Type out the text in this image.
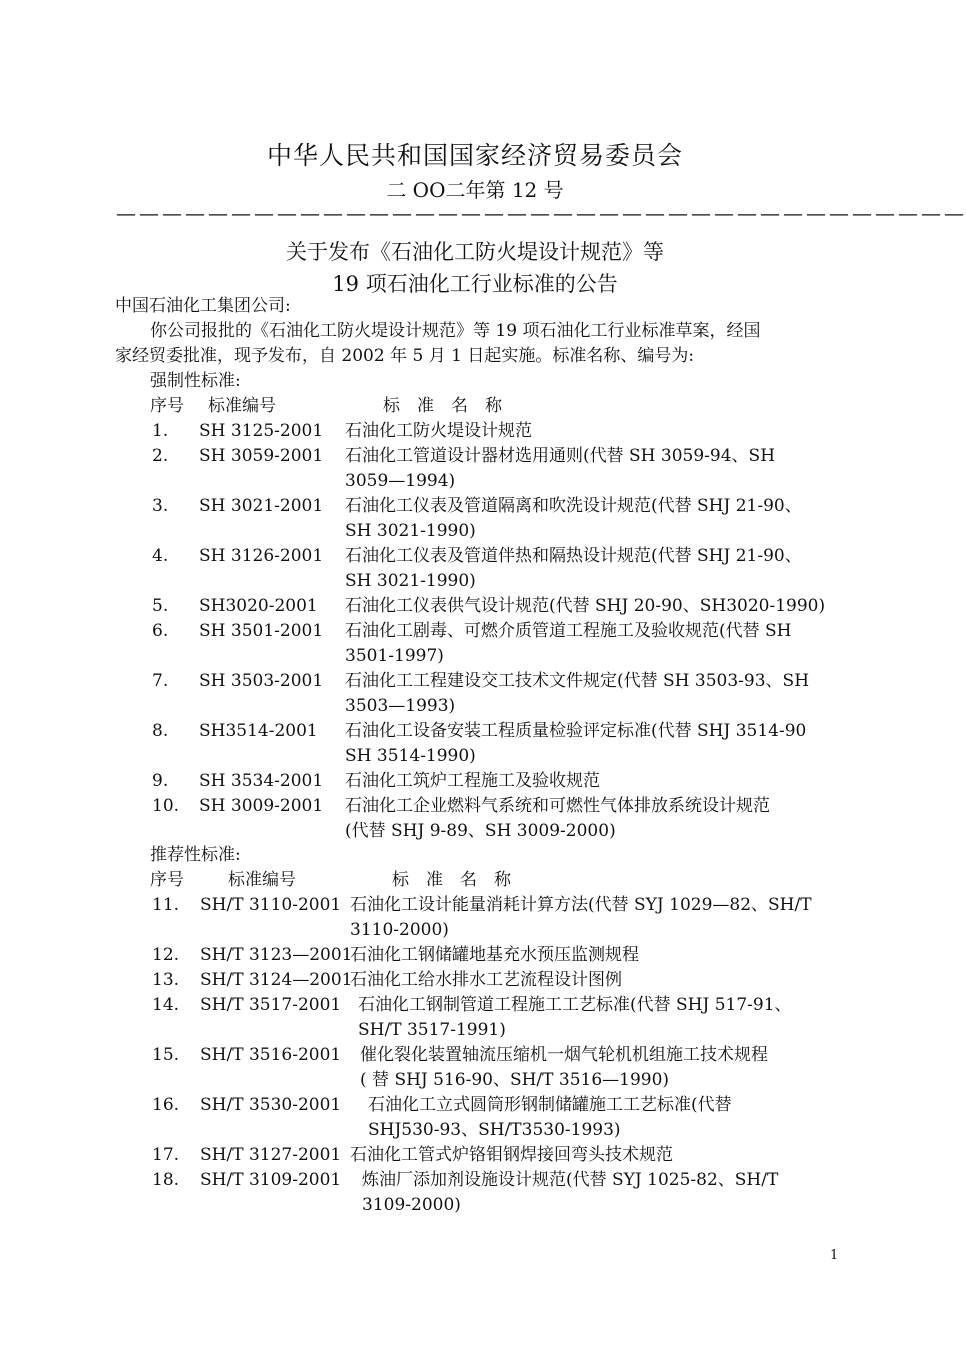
中华人民共和国国家经济贸易委员会
二 OO二年第 12 号
—————————————————————————————————————
关于发布《石油化工防火堤设计规范》等
19 项石油化工行业标准的公告
中国石油化工集团公司:
你公司报批的《石油化工防火堤设计规范》等 19 项石油化工行业标准草案，经国
家经贸委批准，现予发布，自 2002 年 5 月 1 日起实施。标准名称、编号为:
强制性标准:
序号 标准编号	标　准　名　称
1. SH 3125-2001 石油化工防火堤设计规范
2. SH 3059-2001 石油化工管道设计器材选用通则(代替 SH 3059-94、SH
3059—1994)
3. SH 3021-2001 石油化工仪表及管道隔离和吹洗设计规范(代替 SHJ 21-90、
SH 3021-1990)
4. SH 3126-2001 石油化工仪表及管道伴热和隔热设计规范(代替 SHJ 21-90、
SH 3021-1990)
5. SH3020-2001 石油化工仪表供气设计规范(代替 SHJ 20-90、SH3020-1990)
6. SH 3501-2001 石油化工剧毒、可燃介质管道工程施工及验收规范(代替 SH
3501-1997)
7. SH 3503-2001 石油化工工程建设交工技术文件规定(代替 SH 3503-93、SH
3503—1993)
8. SH3514-2001 石油化工设备安装工程质量检验评定标准(代替 SHJ 3514-90
SH 3514-1990)
9. SH 3534-2001 石油化工筑炉工程施工及验收规范
10. SH 3009-2001 石油化工企业燃料气系统和可燃性气体排放系统设计规范
(代替 SHJ 9-89、SH 3009-2000)
推荐性标准:
序号	标准编号	标　准　名　称
11. SH/T 3110-2001 石油化工设计能量消耗计算方法(代替 SYJ 1029—82、SH/T
3110-2000)
12. SH/T 3123—2001
石油化工钢储罐地基充水预压监测规程
13. SH/T 3124—2001
石油化工给水排水工艺流程设计图例
14. SH/T 3517-2001 石油化工钢制管道工程施工工艺标准(代替 SHJ 517-91、
SH/T 3517-1991)
15. SH/T 3516-2001 催化裂化装置轴流压缩机一烟气轮机机组施工技术规程
( 替 SHJ 516-90、SH/T 3516—1990)
16. SH/T 3530-2001 石油化工立式圆筒形钢制储罐施工工艺标准(代替
SHJ530-93、SH/T3530-1993)
17. SH/T 3127-2001 石油化工管式炉铬钼钢焊接回弯头技术规范
18. SH/T 3109-2001 炼油厂添加剂设施设计规范(代替 SYJ 1025-82、SH/T
3109-2000)
1
